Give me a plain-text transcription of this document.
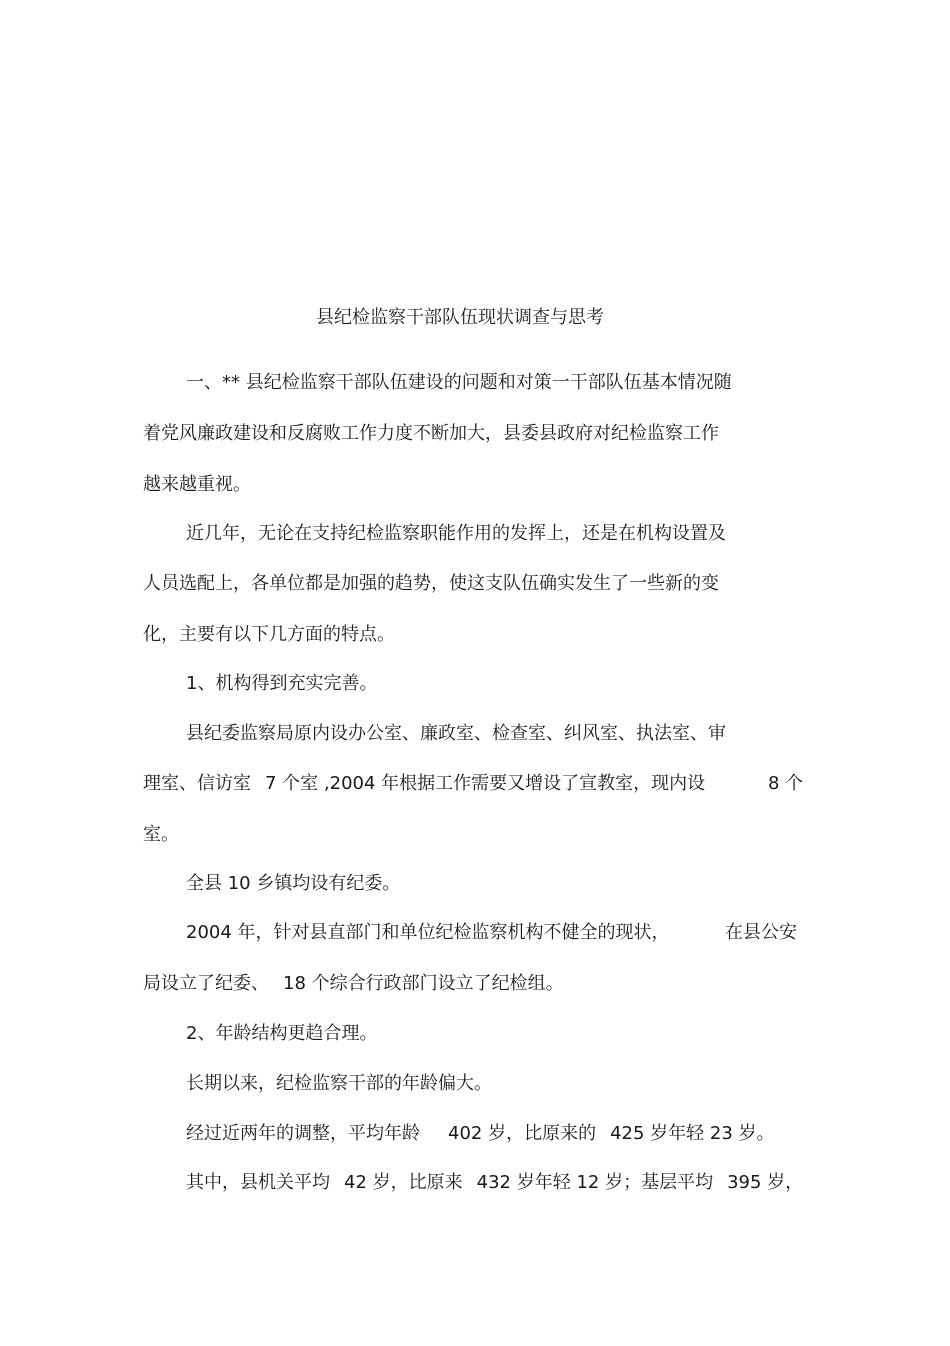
县纪检监察干部队伍现状调查与思考
一、** 县纪检监察干部队伍建设的问题和对策一干部队伍基本情况随
着党风廉政建设和反腐败工作力度不断加大，县委县政府对纪检监察工作
越来越重视。
近几年，无论在支持纪检监察职能作用的发挥上，还是在机构设置及
人员选配上，各单位都是加强的趋势，使这支队伍确实发生了一些新的变
化，主要有以下几方面的特点。
1、机构得到充实完善。
县纪委监察局原内设办公室、廉政室、检查室、纠风室、执法室、审
理室、信访室 7 个室 ,2004 年根据工作需要又增设了宣教室，现内设	8 个
室。
全县 10 乡镇均设有纪委。
2004 年，针对县直部门和单位纪检监察机构不健全的现状，	在县公安
局设立了纪委、 18 个综合行政部门设立了纪检组。
2、年龄结构更趋合理。
长期以来，纪检监察干部的年龄偏大。
经过近两年的调整，平均年龄 402 岁，比原来的 425 岁年轻 23 岁。
其中，县机关平均 42 岁，比原来 432 岁年轻 12 岁；基层平均 395 岁，
